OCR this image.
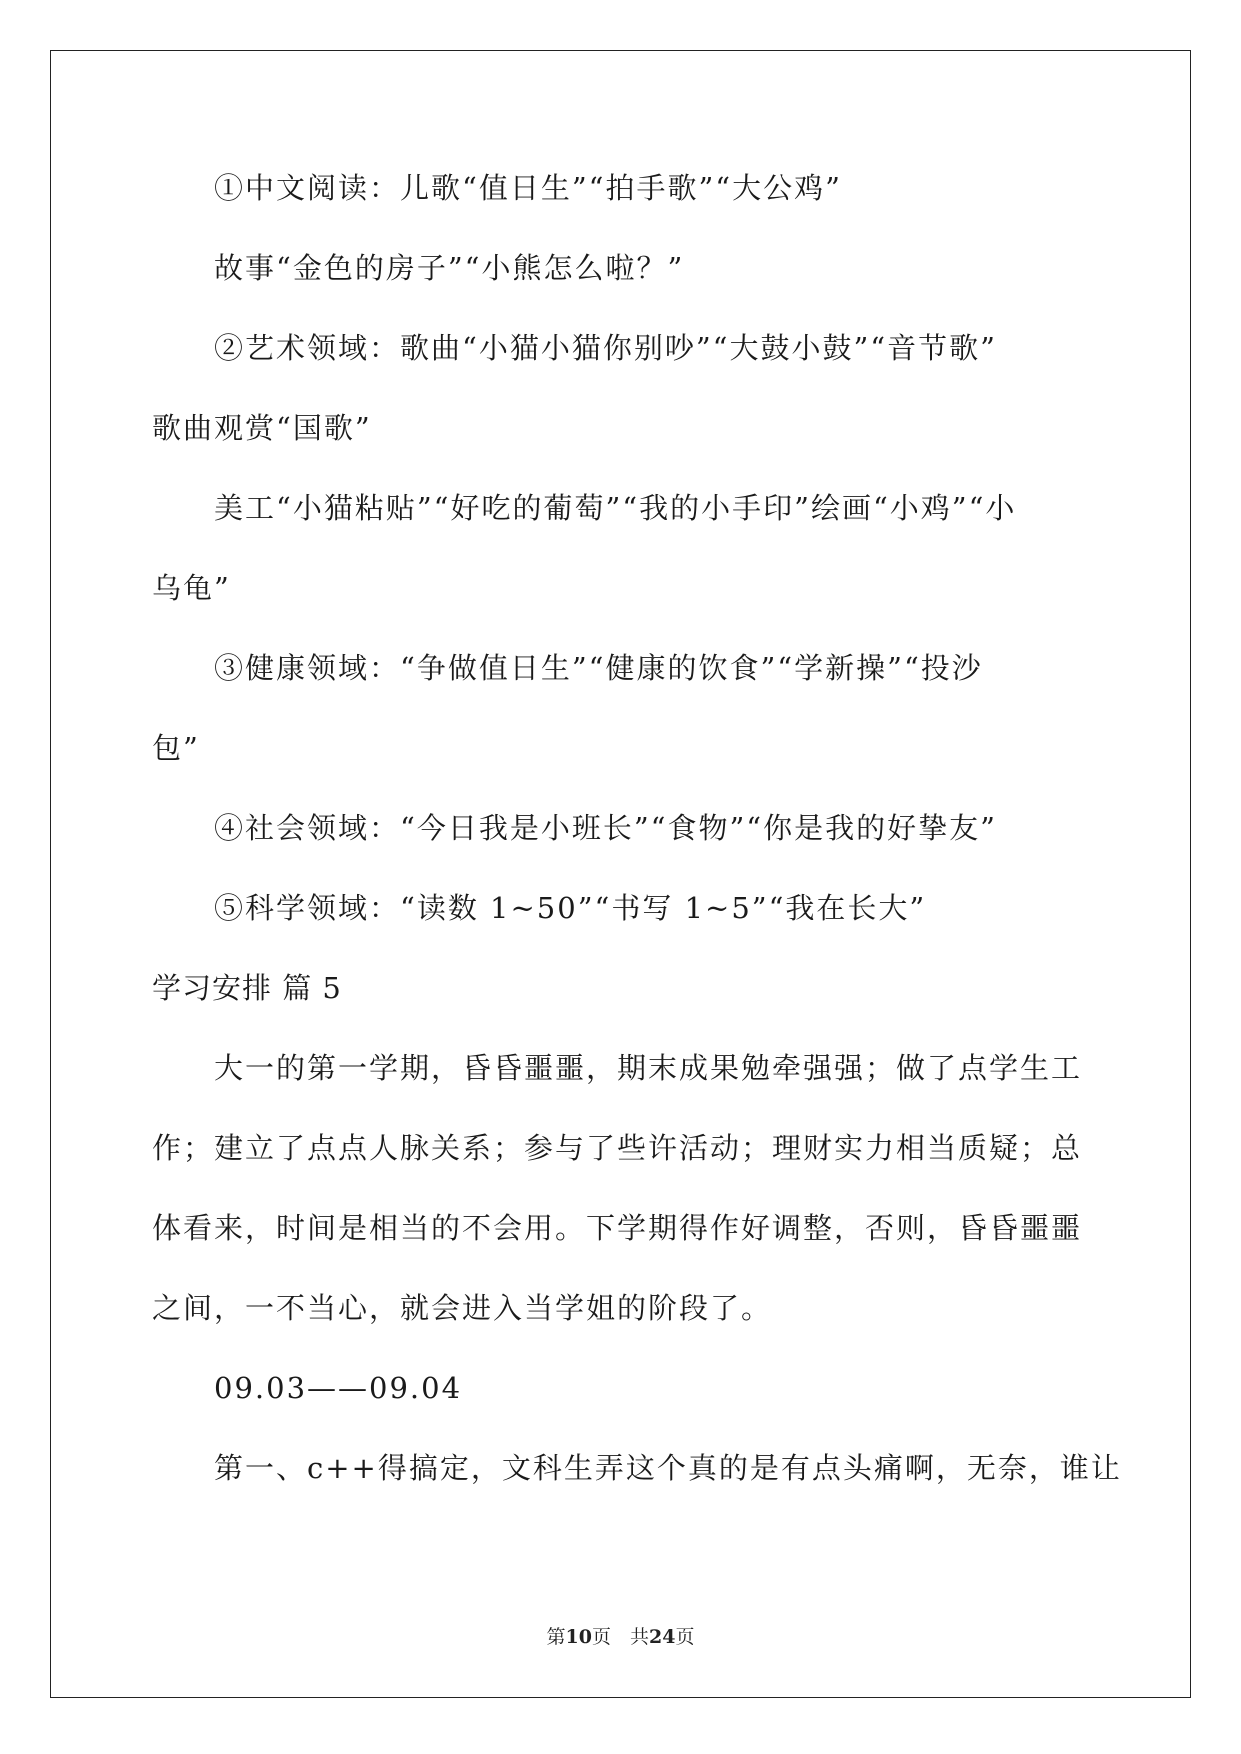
①中文阅读：儿歌“值日生”“拍手歌”“大公鸡”
故事“金色的房子”“小熊怎么啦？”
②艺术领域：歌曲“小猫小猫你别吵”“大鼓小鼓”“音节歌”
歌曲观赏“国歌”
美工“小猫粘贴”“好吃的葡萄”“我的小手印”绘画“小鸡”“小
乌龟”
③健康领域：“争做值日生”“健康的饮食”“学新操”“投沙
包”
④社会领域：“今日我是小班长”“食物”“你是我的好挚友”
⑤科学领域：“读数 1~50”“书写 1~5”“我在长大”
学习安排 篇 5
大一的第一学期，昏昏噩噩，期末成果勉牵强强；做了点学生工
作；建立了点点人脉关系；参与了些许活动；理财实力相当质疑；总
体看来，时间是相当的不会用。下学期得作好调整，否则，昏昏噩噩
之间，一不当心，就会进入当学姐的阶段了。
09.03——09.04
第一、c++得搞定，文科生弄这个真的是有点头痛啊，无奈，谁让
第10页　共24页
